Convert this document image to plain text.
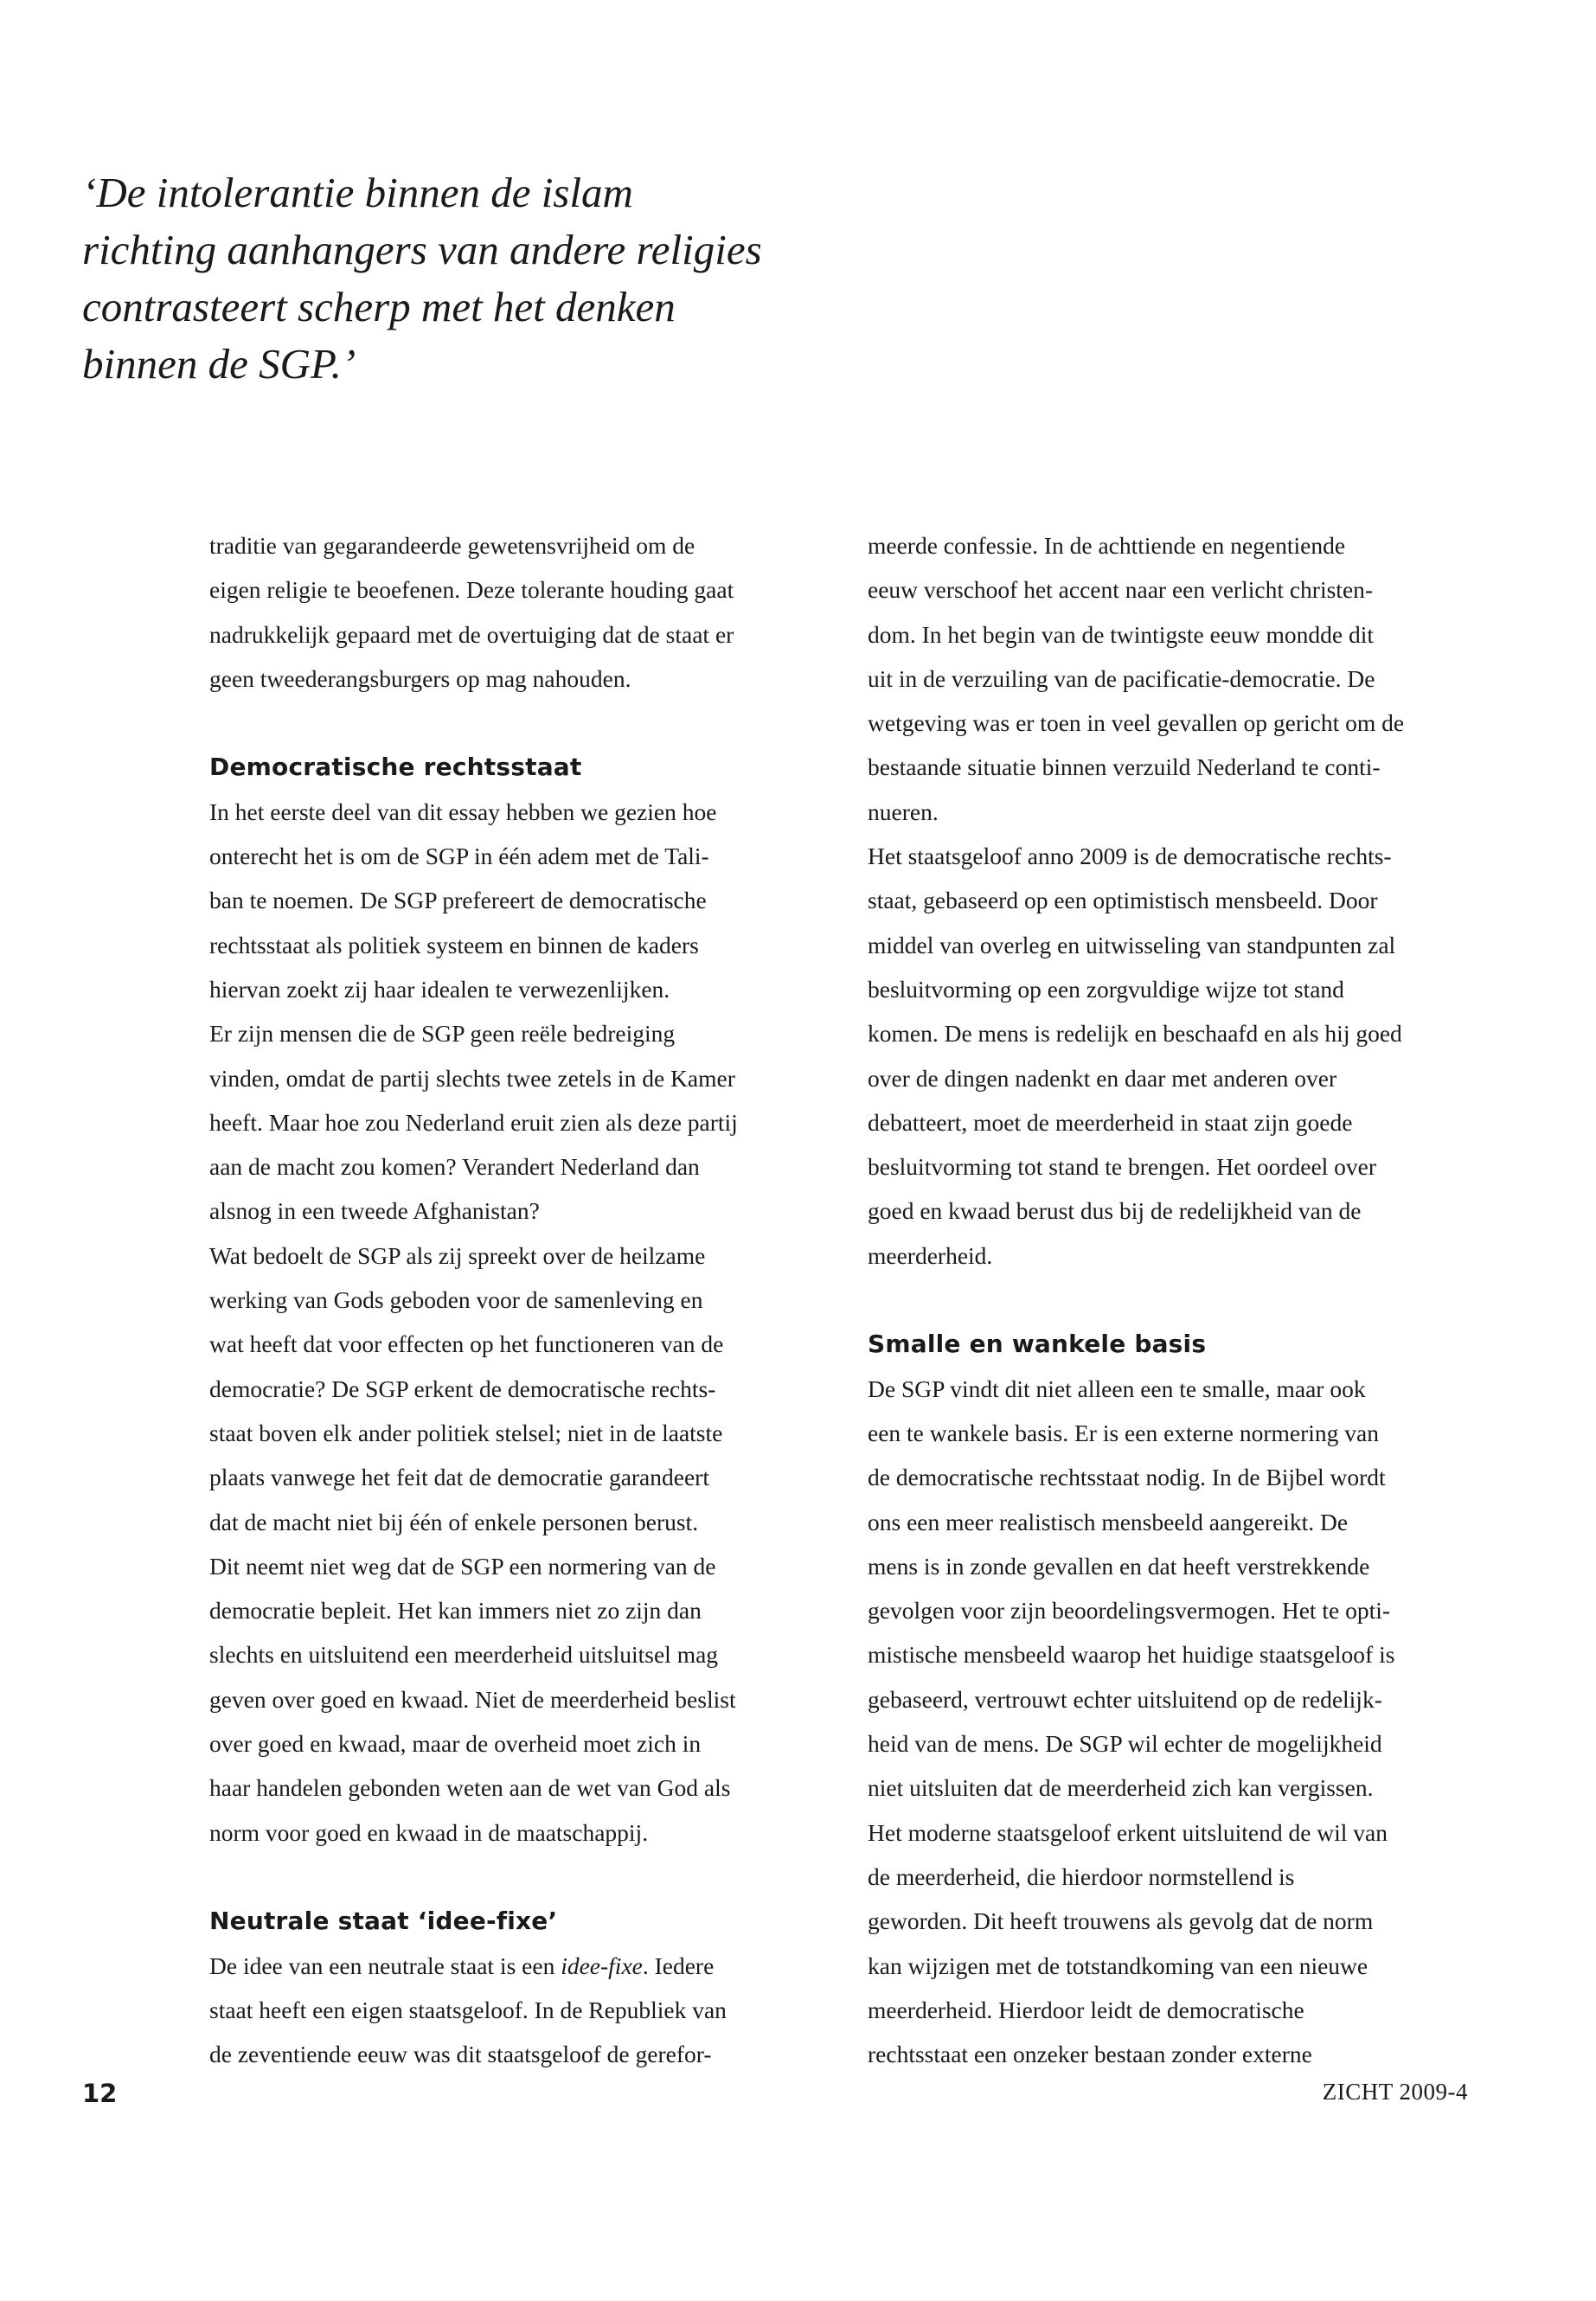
‘De intolerantie binnen de islam
richting aanhangers van andere religies
contrasteert scherp met het denken
binnen de SGP.’
traditie van gegarandeerde gewetensvrijheid om de
eigen religie te beoefenen. Deze tolerante houding gaat
nadrukkelijk gepaard met de overtuiging dat de staat er
geen tweederangsburgers op mag nahouden.
Democratische rechtsstaat
In het eerste deel van dit essay hebben we gezien hoe
onterecht het is om de SGP in één adem met de Tali-
ban te noemen. De SGP prefereert de democratische
rechtsstaat als politiek systeem en binnen de kaders
hiervan zoekt zij haar idealen te verwezenlijken.
Er zijn mensen die de SGP geen reële bedreiging
vinden, omdat de partij slechts twee zetels in de Kamer
heeft. Maar hoe zou Nederland eruit zien als deze partij
aan de macht zou komen? Verandert Nederland dan
alsnog in een tweede Afghanistan?
Wat bedoelt de SGP als zij spreekt over de heilzame
werking van Gods geboden voor de samenleving en
wat heeft dat voor effecten op het functioneren van de
democratie? De SGP erkent de democratische rechts-
staat boven elk ander politiek stelsel; niet in de laatste
plaats vanwege het feit dat de democratie garandeert
dat de macht niet bij één of enkele personen berust.
Dit neemt niet weg dat de SGP een normering van de
democratie bepleit. Het kan immers niet zo zijn dan
slechts en uitsluitend een meerderheid uitsluitsel mag
geven over goed en kwaad. Niet de meerderheid beslist
over goed en kwaad, maar de overheid moet zich in
haar handelen gebonden weten aan de wet van God als
norm voor goed en kwaad in de maatschappij.
Neutrale staat ‘idee-fixe’
De idee van een neutrale staat is een idee-fixe. Iedere
staat heeft een eigen staatsgeloof. In de Republiek van
de zeventiende eeuw was dit staatsgeloof de gerefor-
meerde confessie. In de achttiende en negentiende
eeuw verschoof het accent naar een verlicht christen-
dom. In het begin van de twintigste eeuw mondde dit
uit in de verzuiling van de pacificatie-democratie. De
wetgeving was er toen in veel gevallen op gericht om de
bestaande situatie binnen verzuild Nederland te conti-
nueren.
Het staatsgeloof anno 2009 is de democratische rechts-
staat, gebaseerd op een optimistisch mensbeeld. Door
middel van overleg en uitwisseling van standpunten zal
besluitvorming op een zorgvuldige wijze tot stand
komen. De mens is redelijk en beschaafd en als hij goed
over de dingen nadenkt en daar met anderen over
debatteert, moet de meerderheid in staat zijn goede
besluitvorming tot stand te brengen. Het oordeel over
goed en kwaad berust dus bij de redelijkheid van de
meerderheid.
Smalle en wankele basis
De SGP vindt dit niet alleen een te smalle, maar ook
een te wankele basis. Er is een externe normering van
de democratische rechtsstaat nodig. In de Bijbel wordt
ons een meer realistisch mensbeeld aangereikt. De
mens is in zonde gevallen en dat heeft verstrekkende
gevolgen voor zijn beoordelingsvermogen. Het te opti-
mistische mensbeeld waarop het huidige staatsgeloof is
gebaseerd, vertrouwt echter uitsluitend op de redelijk-
heid van de mens. De SGP wil echter de mogelijkheid
niet uitsluiten dat de meerderheid zich kan vergissen.
Het moderne staatsgeloof erkent uitsluitend de wil van
de meerderheid, die hierdoor normstellend is
geworden. Dit heeft trouwens als gevolg dat de norm
kan wijzigen met de totstandkoming van een nieuwe
meerderheid. Hierdoor leidt de democratische
rechtsstaat een onzeker bestaan zonder externe
12	ZICHT 2009-4
